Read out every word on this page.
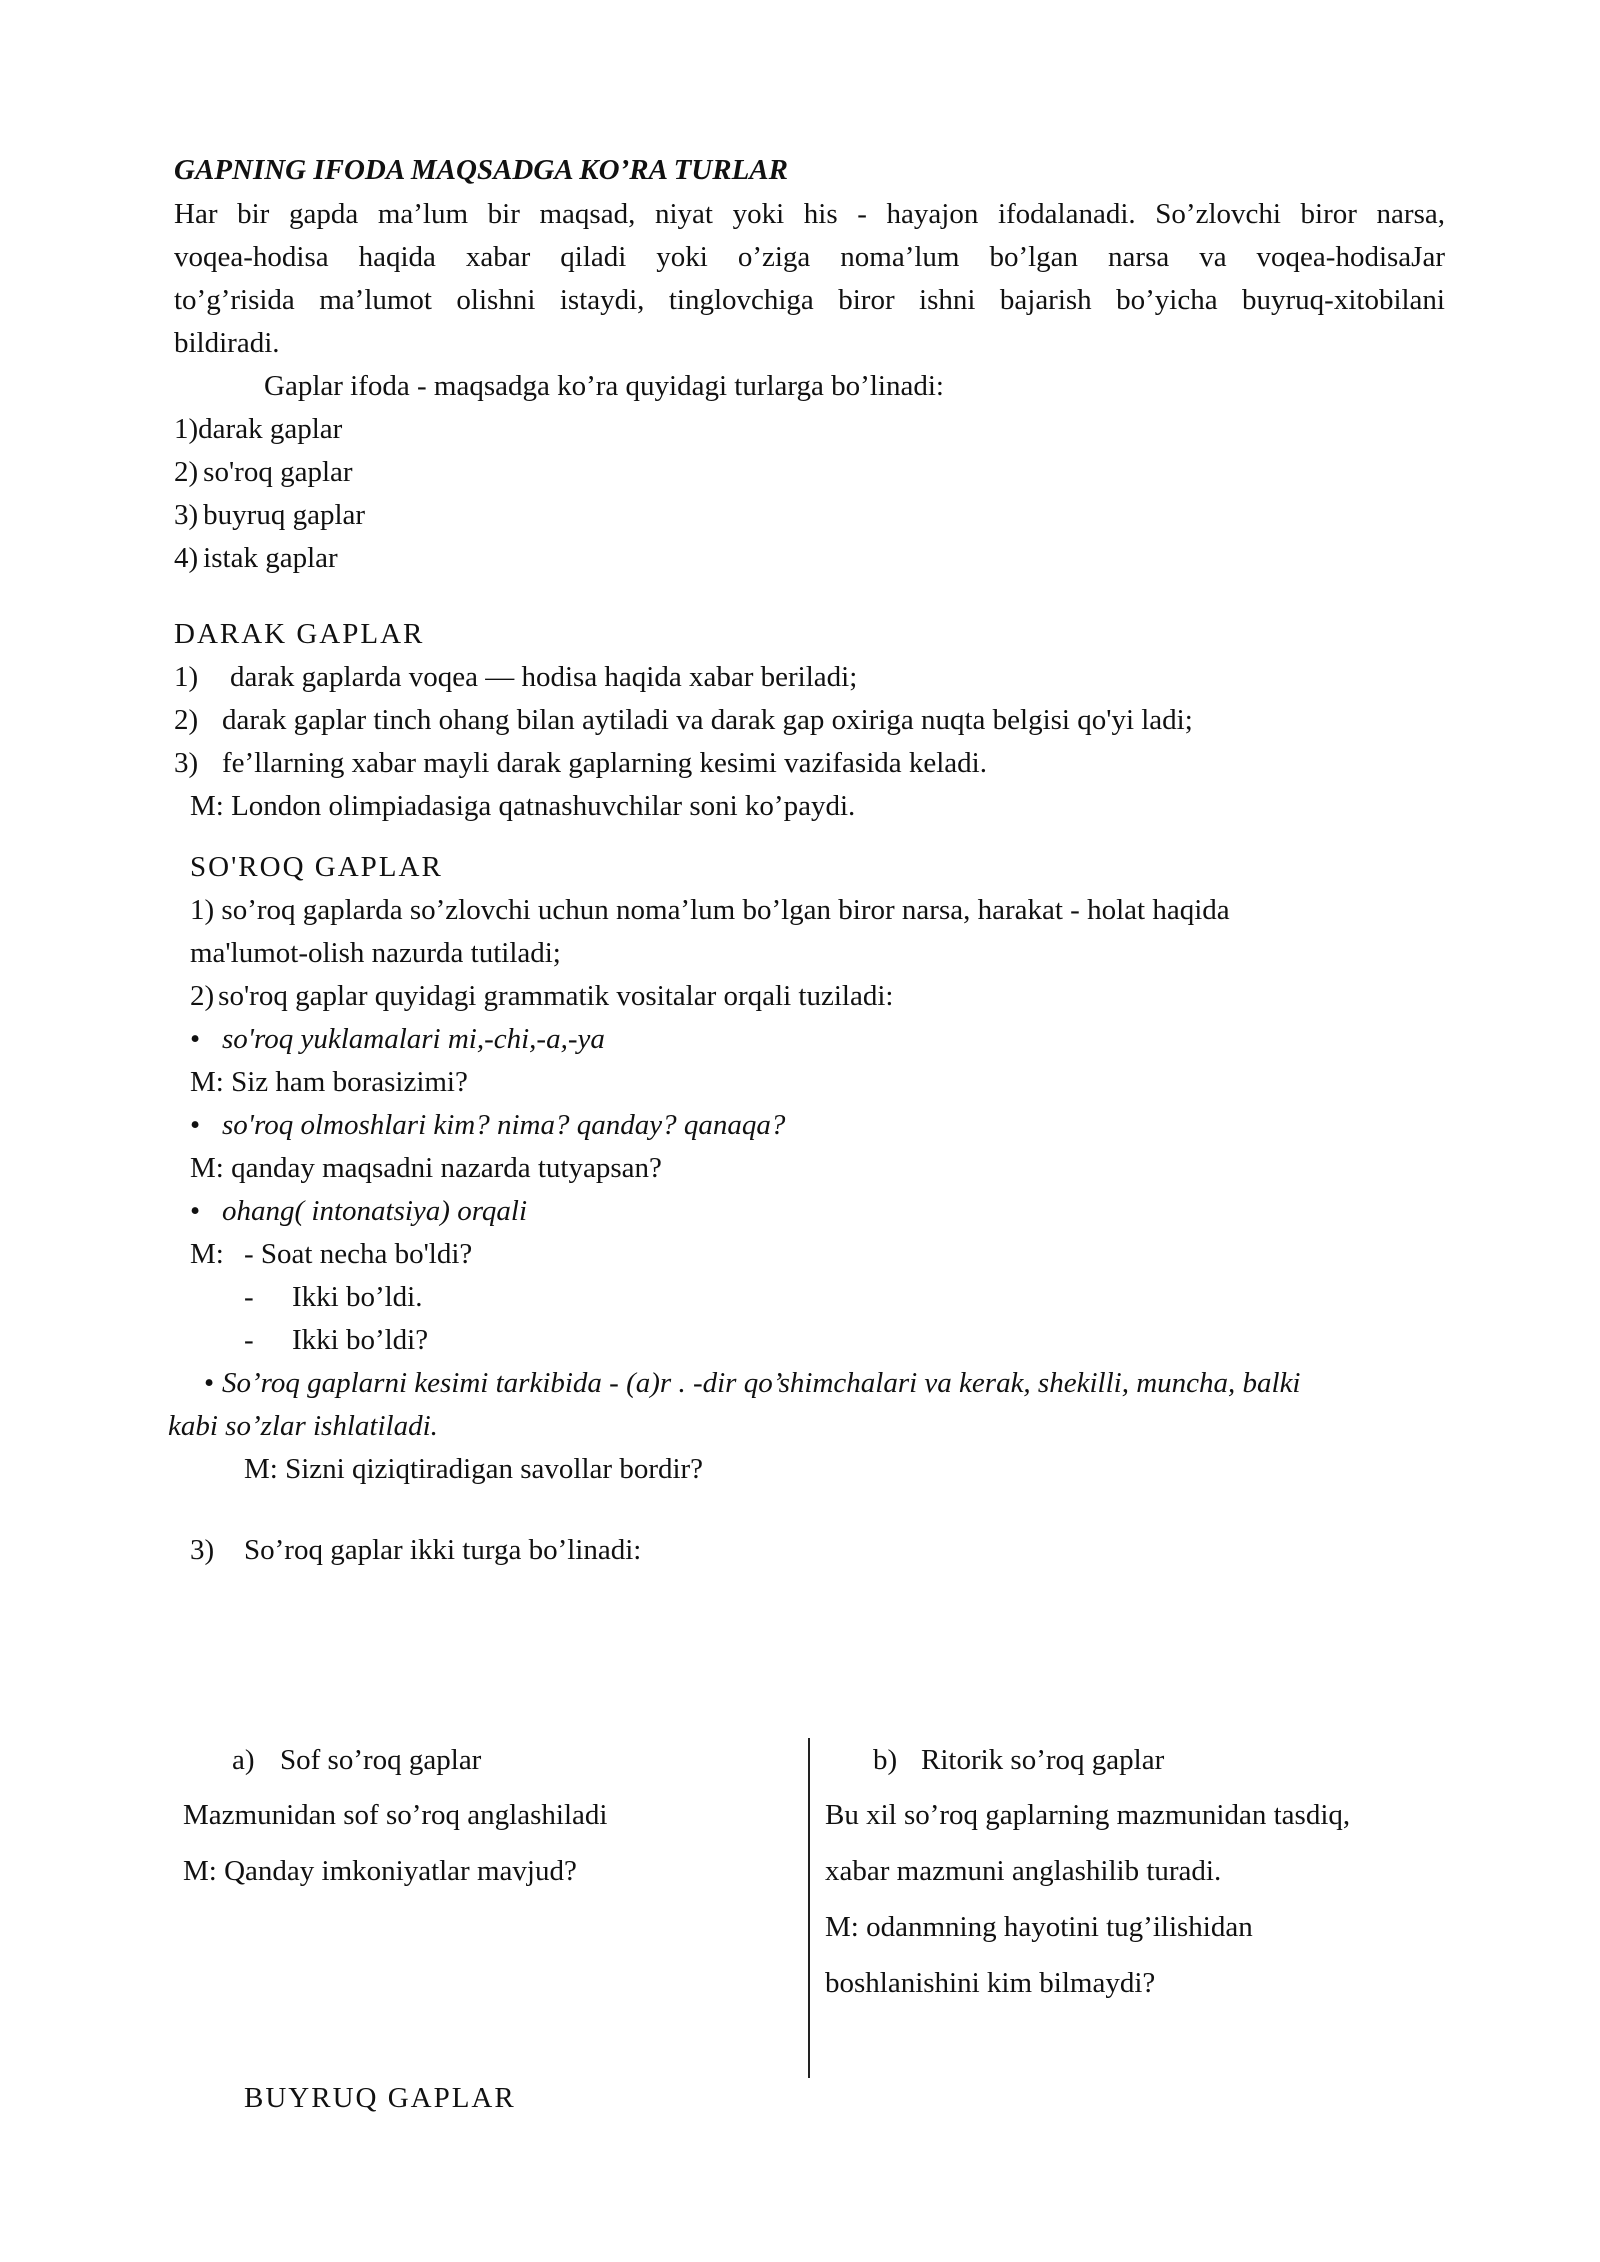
GAPNING IFODA MAQSADGA KO’RA TURLAR
Har bir gapda ma’lum bir maqsad, niyat yoki his - hayajon ifodalanadi. So’zlovchi biror narsa,
voqea-hodisa haqida xabar qiladi yoki o’ziga noma’lum bo’lgan narsa va voqea-hodisaJar
to’g’risida ma’lumot olishni istaydi, tinglovchiga biror ishni bajarish bo’yicha buyruq-xitobilani
bildiradi.
Gaplar ifoda - maqsadga ko’ra quyidagi turlarga bo’linadi:
1)darak gaplar
2) so'roq gaplar
3) buyruq gaplar
4) istak gaplar
DARAK GAPLAR
1) darak gaplarda voqea — hodisa haqida xabar beriladi;
2) darak gaplar tinch ohang bilan aytiladi va darak gap oxiriga nuqta belgisi qo'yi ladi;
3) fe’llarning xabar mayli darak gaplarning kesimi vazifasida keladi.
M: London olimpiadasiga qatnashuvchilar soni ko’paydi.
SO'ROQ GAPLAR
1) so’roq gaplarda so’zlovchi uchun noma’lum bo’lgan biror narsa, harakat - holat haqida
ma'lumot-olish nazurda tutiladi;
2) so'roq gaplar quyidagi grammatik vositalar orqali tuziladi:
• so'roq yuklamalari mi,-chi,-a,-ya
M: Siz ham borasizimi?
• so'roq olmoshlari kim? nima? qanday? qanaqa?
M: qanday maqsadni nazarda tutyapsan?
• ohang( intonatsiya) orqali
M: - Soat necha bo'ldi?
- Ikki bo’ldi.
- Ikki bo’ldi?
• So’roq gaplarni kesimi tarkibida - (a)r . -dir qo’shimchalari va kerak, shekilli, muncha, balki
kabi so’zlar ishlatiladi.
M: Sizni qiziqtiradigan savollar bordir?
3) So’roq gaplar ikki turga bo’linadi:
a) Sof so’roq gaplar
Mazmunidan sof so’roq anglashiladi
M: Qanday imkoniyatlar mavjud?
b) Ritorik so’roq gaplar
Bu xil so’roq gaplarning mazmunidan tasdiq,
xabar mazmuni anglashilib turadi.
M: odanmning hayotini tug’ilishidan
boshlanishini kim bilmaydi?
BUYRUQ GAPLAR
